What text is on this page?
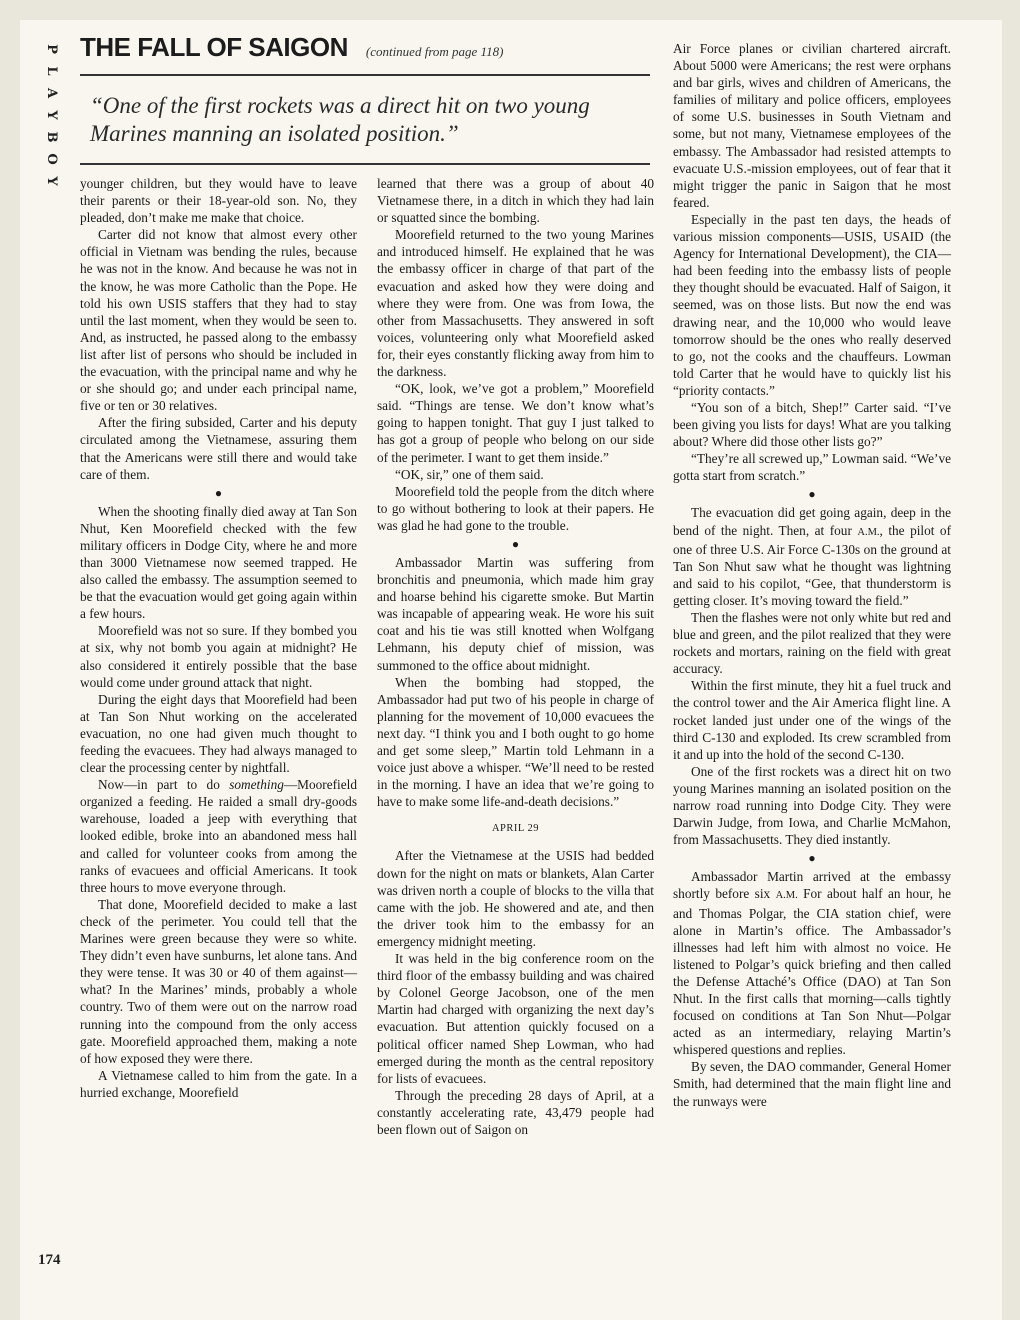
P
L
A
Y
B
O
Y
174
THE FALL OF SAIGON (continued from page 118)
“One of the first rockets was a direct hit on two young Marines manning an isolated position.”

younger children, but they would have to leave their parents or their 18-year-old son. No, they pleaded, don’t make me make that choice.

Carter did not know that almost every other official in Vietnam was bending the rules, because he was not in the know. And because he was not in the know, he was more Catholic than the Pope. He told his own USIS staffers that they had to stay until the last moment, when they would be seen to. And, as instructed, he passed along to the embassy list after list of persons who should be included in the evacuation, with the principal name and why he or she should go; and under each principal name, five or ten or 30 relatives.

After the firing subsided, Carter and his deputy circulated among the Vietnamese, assuring them that the Americans were still there and would take care of them.

●

When the shooting finally died away at Tan Son Nhut, Ken Moorefield checked with the few military officers in Dodge City, where he and more than 3000 Vietnamese now seemed trapped. He also called the embassy. The assumption seemed to be that the evacuation would get going again within a few hours.

Moorefield was not so sure. If they bombed you at six, why not bomb you again at midnight? He also considered it entirely possible that the base would come under ground attack that night.

During the eight days that Moorefield had been at Tan Son Nhut working on the accelerated evacuation, no one had given much thought to feeding the evacuees. They had always managed to clear the processing center by nightfall.

Now—in part to do something—Moorefield organized a feeding. He raided a small dry-goods warehouse, loaded a jeep with everything that looked edible, broke into an abandoned mess hall and called for volunteer cooks from among the ranks of evacuees and official Americans. It took three hours to move everyone through.

That done, Moorefield decided to make a last check of the perimeter. You could tell that the Marines were green because they were so white. They didn’t even have sunburns, let alone tans. And they were tense. It was 30 or 40 of them against—what? In the Marines’ minds, probably a whole country. Two of them were out on the narrow road running into the compound from the only access gate. Moorefield approached them, making a note of how exposed they were there.

A Vietnamese called to him from the gate. In a hurried exchange, Moorefield

learned that there was a group of about 40 Vietnamese there, in a ditch in which they had lain or squatted since the bombing.

Moorefield returned to the two young Marines and introduced himself. He explained that he was the embassy officer in charge of that part of the evacuation and asked how they were doing and where they were from. One was from Iowa, the other from Massachusetts. They answered in soft voices, volunteering only what Moorefield asked for, their eyes constantly flicking away from him to the darkness.

“OK, look, we’ve got a problem,” Moorefield said. “Things are tense. We don’t know what’s going to happen tonight. That guy I just talked to has got a group of people who belong on our side of the perimeter. I want to get them inside.”

“OK, sir,” one of them said.

Moorefield told the people from the ditch where to go without bothering to look at their papers. He was glad he had gone to the trouble.

●

Ambassador Martin was suffering from bronchitis and pneumonia, which made him gray and hoarse behind his cigarette smoke. But Martin was incapable of appearing weak. He wore his suit coat and his tie was still knotted when Wolfgang Lehmann, his deputy chief of mission, was summoned to the office about midnight.

When the bombing had stopped, the Ambassador had put two of his people in charge of planning for the movement of 10,000 evacuees the next day. “I think you and I both ought to go home and get some sleep,” Martin told Lehmann in a voice just above a whisper. “We’ll need to be rested in the morning. I have an idea that we’re going to have to make some life-and-death decisions.”

APRIL 29

After the Vietnamese at the USIS had bedded down for the night on mats or blankets, Alan Carter was driven north a couple of blocks to the villa that came with the job. He showered and ate, and then the driver took him to the embassy for an emergency midnight meeting.

It was held in the big conference room on the third floor of the embassy building and was chaired by Colonel George Jacobson, one of the men Martin had charged with organizing the next day’s evacuation. But attention quickly focused on a political officer named Shep Lowman, who had emerged during the month as the central repository for lists of evacuees.

Through the preceding 28 days of April, at a constantly accelerating rate, 43,479 people had been flown out of Saigon on

Air Force planes or civilian chartered aircraft. About 5000 were Americans; the rest were orphans and bar girls, wives and children of Americans, the families of military and police officers, employees of some U.S. businesses in South Vietnam and some, but not many, Vietnamese employees of the embassy. The Ambassador had resisted attempts to evacuate U.S.-mission employees, out of fear that it might trigger the panic in Saigon that he most feared.

Especially in the past ten days, the heads of various mission components—USIS, USAID (the Agency for International Development), the CIA—had been feeding into the embassy lists of people they thought should be evacuated. Half of Saigon, it seemed, was on those lists. But now the end was drawing near, and the 10,000 who would leave tomorrow should be the ones who really deserved to go, not the cooks and the chauffeurs. Lowman told Carter that he would have to quickly list his “priority contacts.”

“You son of a bitch, Shep!” Carter said. “I’ve been giving you lists for days! What are you talking about? Where did those other lists go?”

“They’re all screwed up,” Lowman said. “We’ve gotta start from scratch.”

●

The evacuation did get going again, deep in the bend of the night. Then, at four A.M., the pilot of one of three U.S. Air Force C-130s on the ground at Tan Son Nhut saw what he thought was lightning and said to his copilot, “Gee, that thunderstorm is getting closer. It’s moving toward the field.”

Then the flashes were not only white but red and blue and green, and the pilot realized that they were rockets and mortars, raining on the field with great accuracy.

Within the first minute, they hit a fuel truck and the control tower and the Air America flight line. A rocket landed just under one of the wings of the third C-130 and exploded. Its crew scrambled from it and up into the hold of the second C-130.

One of the first rockets was a direct hit on two young Marines manning an isolated position on the narrow road running into Dodge City. They were Darwin Judge, from Iowa, and Charlie McMahon, from Massachusetts. They died instantly.

●

Ambassador Martin arrived at the embassy shortly before six A.M. For about half an hour, he and Thomas Polgar, the CIA station chief, were alone in Martin’s office. The Ambassador’s illnesses had left him with almost no voice. He listened to Polgar’s quick briefing and then called the Defense Attaché’s Office (DAO) at Tan Son Nhut. In the first calls that morning—calls tightly focused on conditions at Tan Son Nhut—Polgar acted as an intermediary, relaying Martin’s whispered questions and replies.

By seven, the DAO commander, General Homer Smith, had determined that the main flight line and the runways were
